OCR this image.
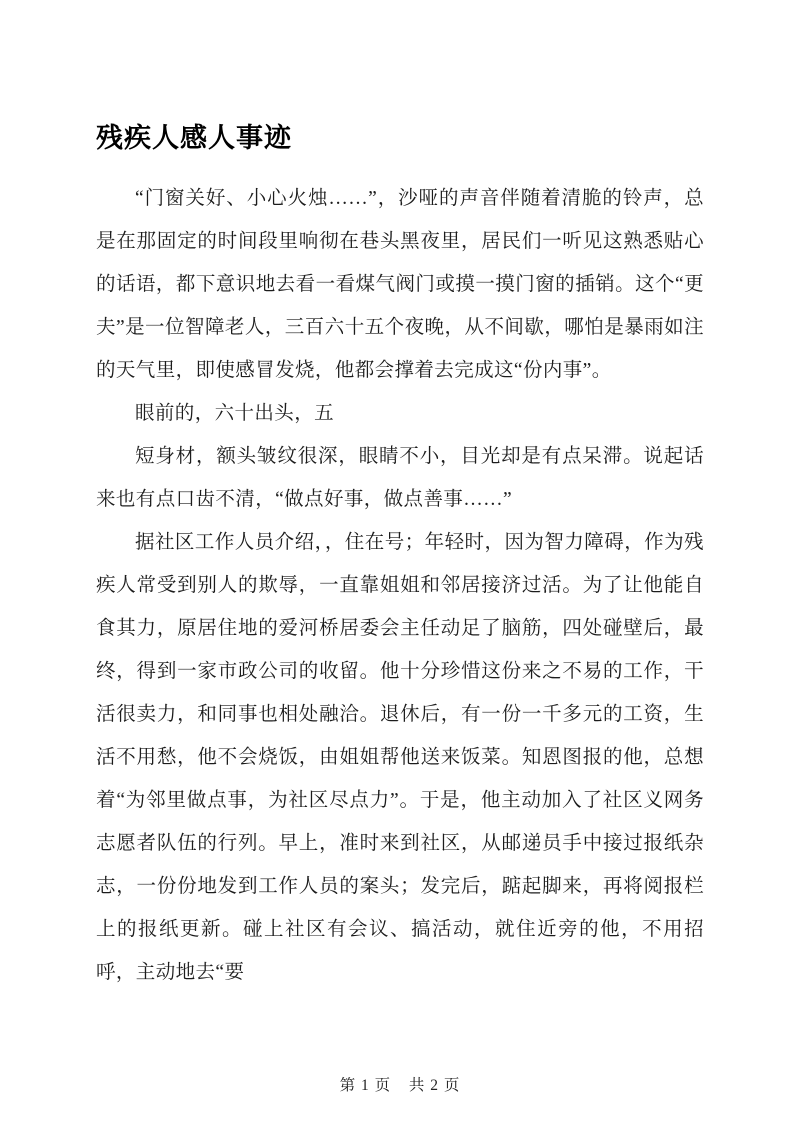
残疾人感人事迹

“门窗关好、小心火烛……”，沙哑的声音伴随着清脆的铃声，总是在那固定的时间段里响彻在巷头黑夜里，居民们一听见这熟悉贴心的话语，都下意识地去看一看煤气阀门或摸一摸门窗的插销。这个“更夫”是一位智障老人，三百六十五个夜晚，从不间歇，哪怕是暴雨如注的天气里，即使感冒发烧，他都会撑着去完成这“份内事”。

眼前的，六十出头，五

短身材，额头皱纹很深，眼睛不小，目光却是有点呆滞。说起话来也有点口齿不清，“做点好事，做点善事……”

据社区工作人员介绍，，住在号；年轻时，因为智力障碍，作为残疾人常受到别人的欺辱，一直靠姐姐和邻居接济过活。为了让他能自食其力，原居住地的爱河桥居委会主任动足了脑筋，四处碰壁后，最终，得到一家市政公司的收留。他十分珍惜这份来之不易的工作，干活很卖力，和同事也相处融洽。退休后，有一份一千多元的工资，生活不用愁，他不会烧饭，由姐姐帮他送来饭菜。知恩图报的他，总想着“为邻里做点事，为社区尽点力”。于是，他主动加入了社区义网务志愿者队伍的行列。早上，准时来到社区，从邮递员手中接过报纸杂志，一份份地发到工作人员的案头；发完后，踮起脚来，再将阅报栏上的报纸更新。碰上社区有会议、搞活动，就住近旁的他，不用招呼，主动地去“要

第 1 页 共 2 页
